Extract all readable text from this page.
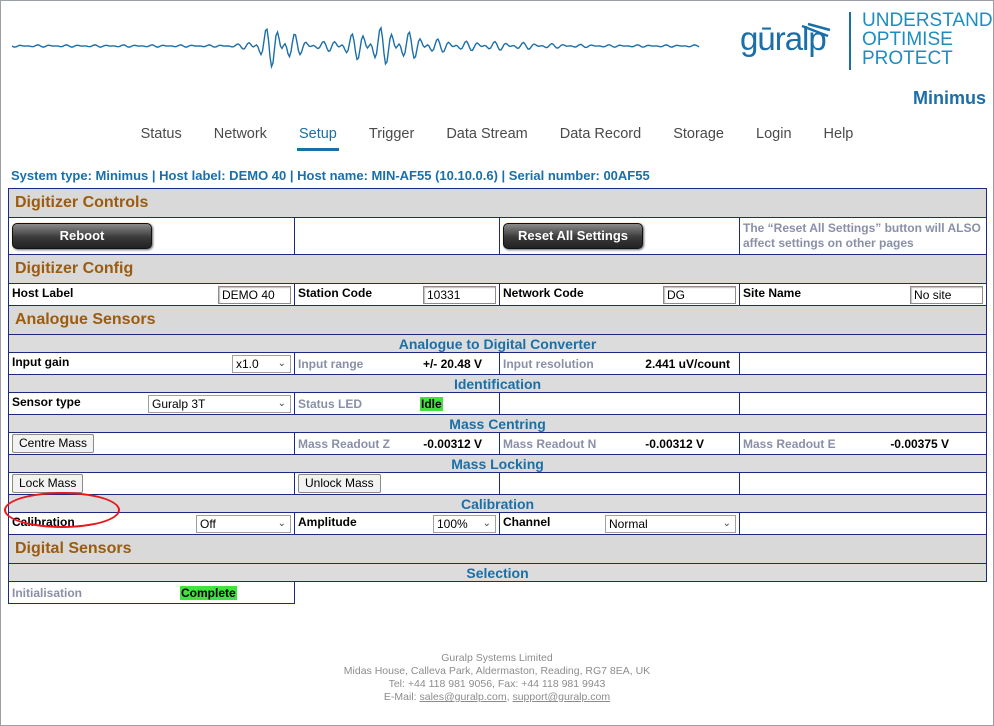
gūralp UNDERSTAND
OPTIMISE
PROTECT
Minimus
Status Network Setup Trigger Data Stream Data Record Storage Login Help
System type: Minimus | Host label: DEMO 40 | Host name: MIN-AF55 (10.10.0.6) | Serial number: 00AF55
Digitizer Controls			
Reboot		Reset All Settings	The “Reset All Settings” button will ALSO affect settings on other pages
Digitizer Config			
Host Label DEMO 40	Station Code 10331	Network Code DG	Site Name No site

Analogue Sensors			
Analogue to Digital Converter			
Input gain x1.0 ⌄	Input range +/- 20.48 V	Input resolution 2.441 uV/count	

Identification			
Sensor type Guralp 3T ⌄	Status LED Idle		
Mass Centring			
Centre Mass	Mass Readout Z -0.00312 V	Mass Readout N -0.00312 V	Mass Readout E -0.00375 V

Mass Locking			
Lock Mass	Unlock Mass		
Calibration			
Calibration Off ⌄	Amplitude 100% ⌄	Channel Normal ⌄	

Digital Sensors			
Selection			
Initialisation Complete			
Guralp Systems Limited
Midas House, Calleva Park, Aldermaston, Reading, RG7 8EA, UK
Tel: +44 118 981 9056, Fax: +44 118 981 9943
E-Mail: sales@guralp.com, support@guralp.com
